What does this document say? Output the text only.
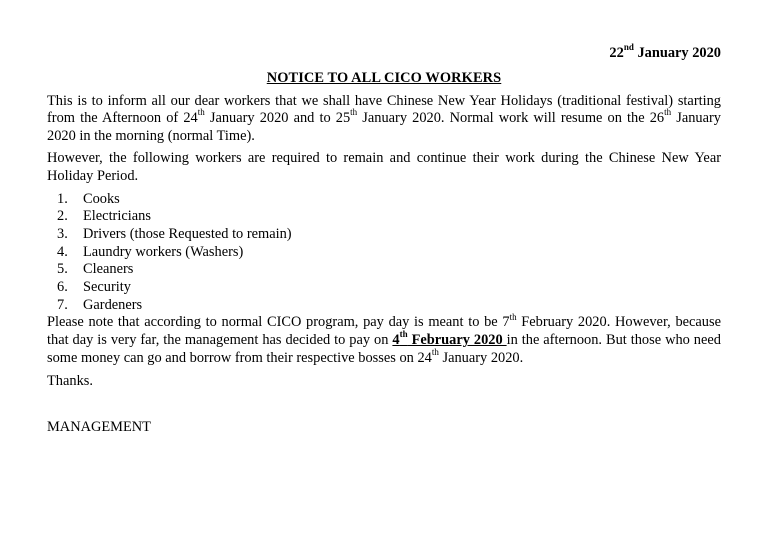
22nd January 2020

NOTICE TO ALL CICO WORKERS

This is to inform all our dear workers that we shall have Chinese New Year Holidays (traditional festival) starting from the Afternoon of 24th January 2020 and to 25th January 2020. Normal work will resume on the 26th January 2020 in the morning (normal Time).

However, the following workers are required to remain and continue their work during the Chinese New Year Holiday Period.

1.	Cooks
2.	Electricians
3.	Drivers (those Requested to remain)
4.	Laundry workers (Washers)
5.	Cleaners
6.	Security
7.	Gardeners

Please note that according to normal CICO program, pay day is meant to be 7th February 2020. However, because that day is very far, the management has decided to pay on 4th February 2020 in the afternoon. But those who need some money can go and borrow from their respective bosses on 24th January 2020.

Thanks.

MANAGEMENT
